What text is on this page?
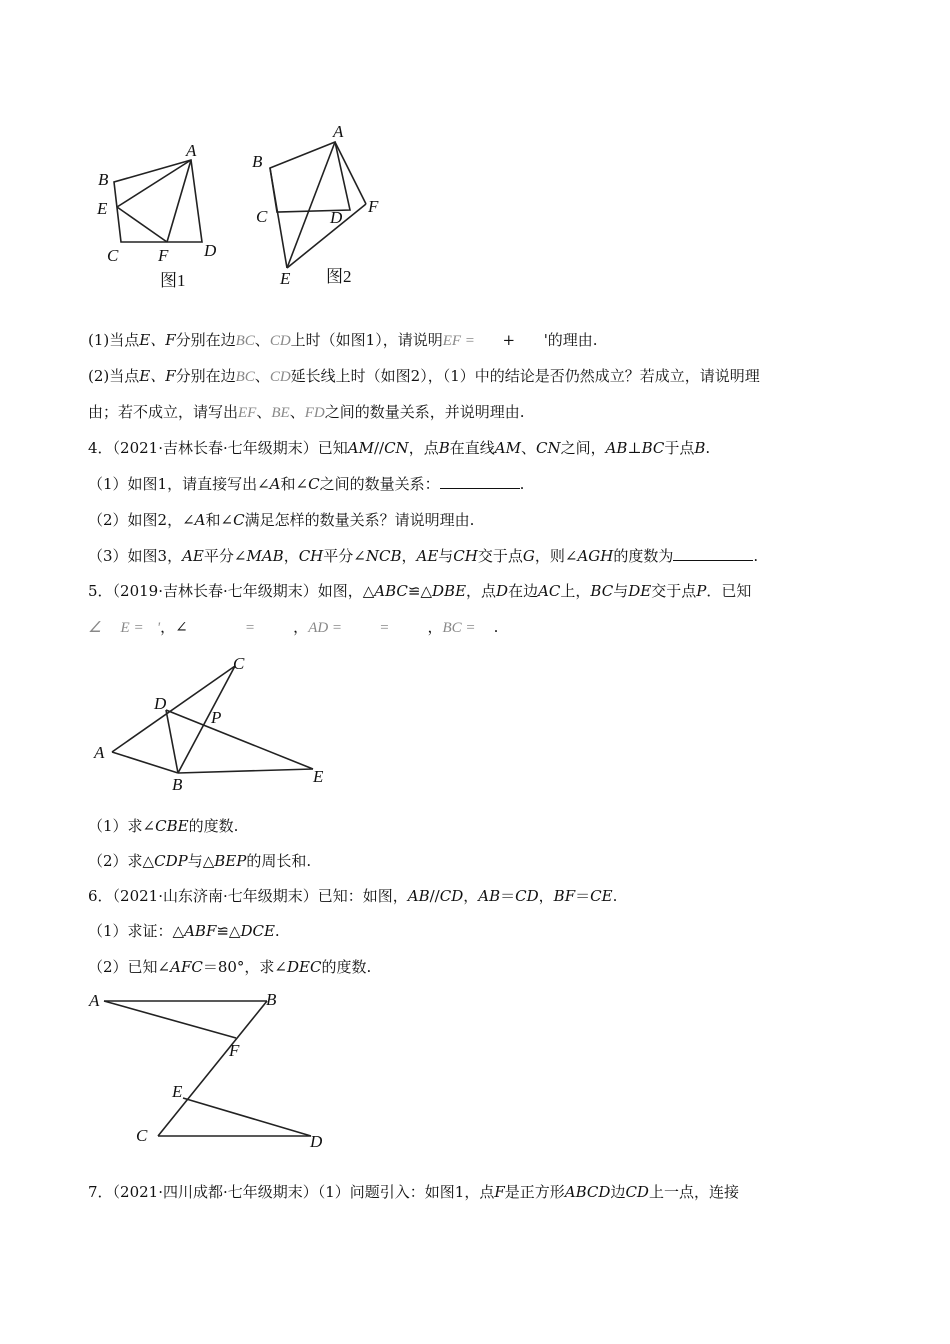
A
B
E
C F D
图1
A
B
C	D
F
E 图2
(1)当点E、F分别在边BC、CD上时（如图1），请说明EF =      + '的理由.
(2)当点E、F分别在边BC、CD延长线上时（如图2），（1）中的结论是否仍然成立？若成立，请说明理
由；若不成立，请写出EF、BE、FD之间的数量关系，并说明理由.
4．（2021·吉林长春·七年级期末）已知AM//CN，点B在直线AM、CN之间，AB⊥BC于点B.
（1）如图1，请直接写出∠A和∠C之间的数量关系：	.
（2）如图2，∠A和∠C满足怎样的数量关系？请说明理由.
（3）如图3，AE平分∠MAB，CH平分∠NCB，AE与CH交于点G，则∠AGH的度数为	.
5．（2019·吉林长春·七年级期末）如图，△ABC≌△DBE，点D在边AC上，BC与DE交于点P．已知
∠ E =   '，∠	=	，AD =        =	，BC =    .
C
D
P
A
B	E
（1）求∠CBE的度数.
（2）求△CDP与△BEP的周长和.
6．（2021·山东济南·七年级期末）已知：如图，AB//CD，AB＝CD，BF＝CE.
（1）求证：△ABF≌△DCE.
（2）已知∠AFC＝80°，求∠DEC的度数.
A	B
F
E
C	D
7．（2021·四川成都·七年级期末）（1）问题引入：如图1，点F是正方形ABCD边CD上一点，连接
